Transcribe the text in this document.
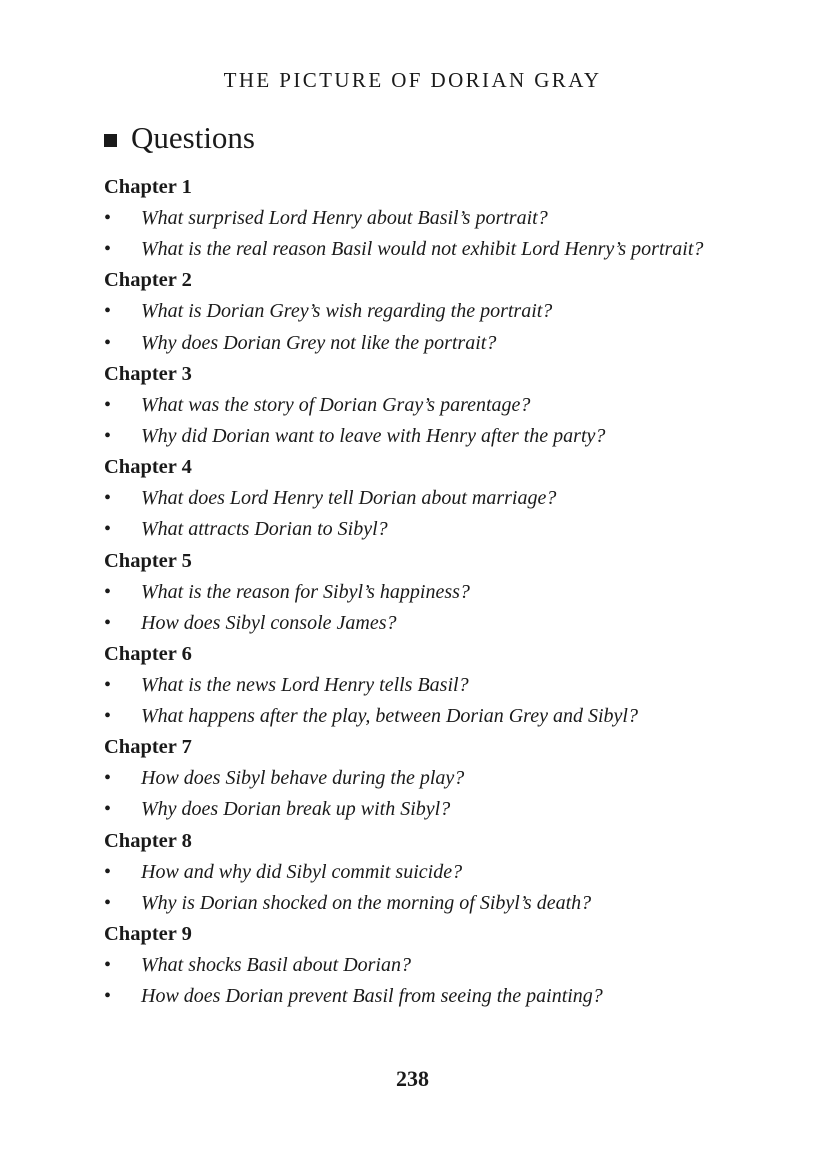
THE PICTURE OF DORIAN GRAY
Questions
Chapter 1
•	What surprised Lord Henry about Basil’s portrait?
•	What is the real reason Basil would not exhibit Lord Henry’s portrait?
Chapter 2
•	What is Dorian Grey’s wish regarding the portrait?
•	Why does Dorian Grey not like the portrait?
Chapter 3
•	What was the story of Dorian Gray’s parentage?
•	Why did Dorian want to leave with Henry after the party?
Chapter 4
•	What does Lord Henry tell Dorian about marriage?
•	What attracts Dorian to Sibyl?
Chapter 5
•	What is the reason for Sibyl’s happiness?
•	How does Sibyl console James?
Chapter 6
•	What is the news Lord Henry tells Basil?
•	What happens after the play, between Dorian Grey and Sibyl?
Chapter 7
•	How does Sibyl behave during the play?
•	Why does Dorian break up with Sibyl?
Chapter 8
•	How and why did Sibyl commit suicide?
•	Why is Dorian shocked on the morning of Sibyl’s death?
Chapter 9
•	What shocks Basil about Dorian?
•	How does Dorian prevent Basil from seeing the painting?
238
